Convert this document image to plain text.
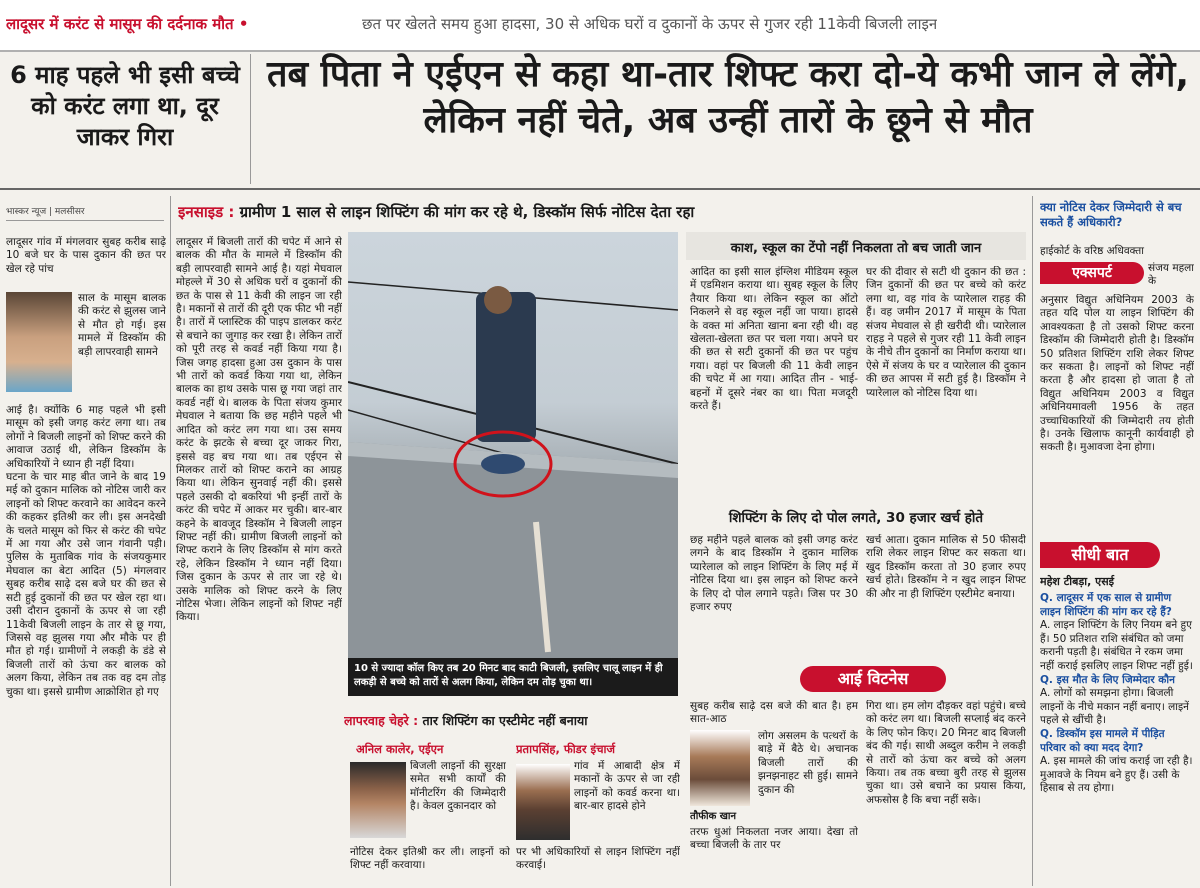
लादूसर में करंट से मासूम की दर्दनाक मौत •	छत पर खेलते समय हुआ हादसा, 30 से अधिक घरों व दुकानों के ऊपर से गुजर रही 11केवी बिजली लाइन
6 माह पहले भी इसी बच्चे को करंट लगा था, दूर जाकर गिरा
तब पिता ने एईएन से कहा था-तार शिफ्ट करा दो-ये कभी जान ले लेंगे, लेकिन नहीं चेते, अब उन्हीं तारों के छूने से मौत
भास्कर न्यूज | मलसीसर
लादूसर गांव में मंगलवार सुबह करीब साढ़े 10 बजे घर के पास दुकान की छत पर खेल रहे पांच
साल के मासूम बालक की करंट से झुलस जाने से मौत हो गई। इस मामले में डिस्कॉम की बड़ी लापरवाही सामने
आई है। क्योंकि 6 माह पहले भी इसी मासूम को इसी जगह करंट लगा था। तब लोगों ने बिजली लाइनों को शिफ्ट करने की आवाज उठाई थी, लेकिन डिस्कॉम के अधिकारियों ने ध्यान ही नहीं दिया।
घटना के चार माह बीत जाने के बाद 19 मई को दुकान मालिक को नोटिस जारी कर लाइनों को शिफ्ट करवाने का आवेदन करने की कहकर इतिश्री कर ली। इस अनदेखी के चलते मासूम को फिर से करंट की चपेट में आ गया और उसे जान गंवानी पड़ी। पुलिस के मुताबिक गांव के संजयकुमार मेघवाल का बेटा आदित (5) मंगलवार सुबह करीब साढ़े दस बजे घर की छत से सटी हुई दुकानों की छत पर खेल रहा था। उसी दौरान दुकानों के ऊपर से जा रही 11केवी बिजली लाइन के तार से छू गया, जिससे वह झुलस गया और मौके पर ही मौत हो गई। ग्रामीणों ने लकड़ी के डंडे से बिजली तारों को ऊंचा कर बालक को अलग किया, लेकिन तब तक वह दम तोड़ चुका था। इससे ग्रामीण आक्रोशित हो गए
इनसाइड : ग्रामीण 1 साल से लाइन शिफ्टिंग की मांग कर रहे थे, डिस्कॉम सिर्फ नोटिस देता रहा
लादूसर में बिजली तारों की चपेट में आने से बालक की मौत के मामले में डिस्कॉम की बड़ी लापरवाही सामने आई है। यहां मेघवाल मोहल्ले में 30 से अधिक घरों व दुकानों की छत के पास से 11 केवी की लाइन जा रही है। मकानों से तारों की दूरी एक फीट भी नहीं है। तारों में प्लास्टिक की पाइप डालकर करंट से बचाने का जुगाड़ कर रखा है। लेकिन तारों को पूरी तरह से कवर्ड नहीं किया गया है। जिस जगह हादसा हुआ उस दुकान के पास भी तारों को कवर्ड किया गया था, लेकिन बालक का हाथ उसके पास छू गया जहां तार कवर्ड नहीं थे। बालक के पिता संजय कुमार मेघवाल ने बताया कि छह महीने पहले भी आदित को करंट लग गया था। उस समय करंट के झटके से बच्चा दूर जाकर गिरा, इससे वह बच गया था। तब एईएन से मिलकर तारों को शिफ्ट कराने का आग्रह किया था। लेकिन सुनवाई नहीं की। इससे पहले उसकी दो बकरियां भी इन्हीं तारों के करंट की चपेट में आकर मर चुकी। बार-बार कहने के बावजूद डिस्कॉम ने बिजली लाइन शिफ्ट नहीं की। ग्रामीण बिजली लाइनों को शिफ्ट कराने के लिए डिस्कॉम से मांग करते रहे, लेकिन डिस्कॉम ने ध्यान नहीं दिया। जिस दुकान के ऊपर से तार जा रहे थे। उसके मालिक को शिफ्ट करने के लिए नोटिस भेजा। लेकिन लाइनों को शिफ्ट नहीं किया।
10 से ज्यादा कॉल किए तब 20 मिनट बाद काटी बिजली, इसलिए चालू लाइन में ही लकड़ी से बच्चे को तारों से अलग किया, लेकिन दम तोड़ चुका था।
लापरवाह चेहरे : तार शिफ्टिंग का एस्टीमेट नहीं बनाया
अनिल कालेर, एईएन
बिजली लाइनों की सुरक्षा समेत सभी कार्यों की मॉनीटरिंग की जिम्मेदारी है। केवल दुकानदार को
नोटिस देकर इतिश्री कर ली। लाइनों को शिफ्ट नहीं करवाया।
प्रतापसिंह, फीडर इंचार्ज
गांव में आबादी क्षेत्र में मकानों के ऊपर से जा रही लाइनों को कवर्ड करना था। बार-बार हादसे होने
पर भी अधिकारियों से लाइन शिफ्टिंग नहीं करवाई।
काश, स्कूल का टेंपो नहीं निकलता तो बच जाती जान
आदित का इसी साल इंग्लिश मीडियम स्कूल में एडमिशन कराया था। सुबह स्कूल के लिए तैयार किया था। लेकिन स्कूल का ऑटो निकलने से वह स्कूल नहीं जा पाया। हादसे के वक्त मां अनिता खाना बना रही थी। वह खेलता-खेलता छत पर चला गया। अपने घर की छत से सटी दुकानों की छत पर पहुंच गया। वहां पर बिजली की 11 केवी लाइन की चपेट में आ गया। आदित तीन - भाई- बहनों में दूसरे नंबर का था। पिता मजदूरी करते हैं।
घर की दीवार से सटी थी दुकान की छत : जिन दुकानों की छत पर बच्चे को करंट लगा था, वह गांव के प्यारेलाल राहड़ की हैं। वह जमीन 2017 में मासूम के पिता संजय मेघवाल से ही खरीदी थी। प्यारेलाल राहड़ ने पहले से गुजर रही 11 केवी लाइन के नीचे तीन दुकानों का निर्माण कराया था। ऐसे में संजय के घर व प्यारेलाल की दुकान की छत आपस में सटी हुई है। डिस्कॉम ने प्यारेलाल को नोटिस दिया था।
शिफ्टिंग के लिए दो पोल लगते, 30 हजार खर्च होते
छह महीने पहले बालक को इसी जगह करंट लगने के बाद डिस्कॉम ने दुकान मालिक प्यारेलाल को लाइन शिफ्टिंग के लिए मई में नोटिस दिया था। इस लाइन को शिफ्ट करने के लिए दो पोल लगाने पड़ते। जिस पर 30 हजार रुपए
खर्च आता। दुकान मालिक से 50 फीसदी राशि लेकर लाइन शिफ्ट कर सकता था। खुद डिस्कॉम करता तो 30 हजार रुपए खर्च होते। डिस्कॉम ने न खुद लाइन शिफ्ट की और ना ही शिफ्टिंग एस्टीमेट बनाया।
आई विटनेस
सुबह करीब साढ़े दस बजे की बात है। हम सात-आठ
तौफीक खान
लोग असलम के पत्थरों के बाड़े में बैठे थे। अचानक बिजली तारों की झनझनाहट सी हुई। सामने दुकान की
तरफ धुआं निकलता नजर आया। देखा तो बच्चा बिजली के तार पर
गिरा था। हम लोग दौड़कर वहां पहुंचे। बच्चे को करंट लग था। बिजली सप्लाई बंद करने के लिए फोन किए। 20 मिनट बाद बिजली बंद की गई। साथी अब्दुल करीम ने लकड़ी से तारों को ऊंचा कर बच्चे को अलग किया। तब तक बच्चा बुरी तरह से झुलस चुका था। उसे बचाने का प्रयास किया, अफसोस है कि बचा नहीं सके।
क्या नोटिस देकर जिम्मेदारी से बच सकते हैं अधिकारी?
हाईकोर्ट के वरिष्ठ अधिवक्ता
एक्सपर्ट	संजय महला के
अनुसार विद्युत अधिनियम 2003 के तहत यदि पोल या लाइन शिफ्टिंग की आवश्यकता है तो उसको शिफ्ट करना डिस्कॉम की जिम्मेदारी होती है। डिस्कॉम 50 प्रतिशत शिफ्टिंग राशि लेकर शिफ्ट कर सकता है। लाइनों को शिफ्ट नहीं करता है और हादसा हो जाता है तो विद्युत अधिनियम 2003 व विद्युत अधिनियमावली 1956 के तहत उच्चाधिकारियों की जिम्मेदारी तय होती है। उनके खिलाफ कानूनी कार्यवाही हो सकती है। मुआवजा देना होगा।
सीधी बात
महेश टीबड़ा, एसई
Q. लादूसर में एक साल से ग्रामीण लाइन शिफ्टिंग की मांग कर रहे हैं?
A. लाइन शिफ्टिंग के लिए नियम बने हुए हैं। 50 प्रतिशत राशि संबंधित को जमा करानी पड़ती है। संबंधित ने रकम जमा नहीं कराई इसलिए लाइन शिफ्ट नहीं हुई।
Q. इस मौत के लिए जिम्मेदार कौन
A. लोगों को समझना होगा। बिजली लाइनों के नीचे मकान नहीं बनाए। लाइनें पहले से खींची है।
Q. डिस्कॉम इस मामले में पीड़ित परिवार को क्या मदद देगा?
A. इस मामले की जांच कराई जा रही है। मुआवजे के नियम बने हुए हैं। उसी के हिसाब से तय होगा।
